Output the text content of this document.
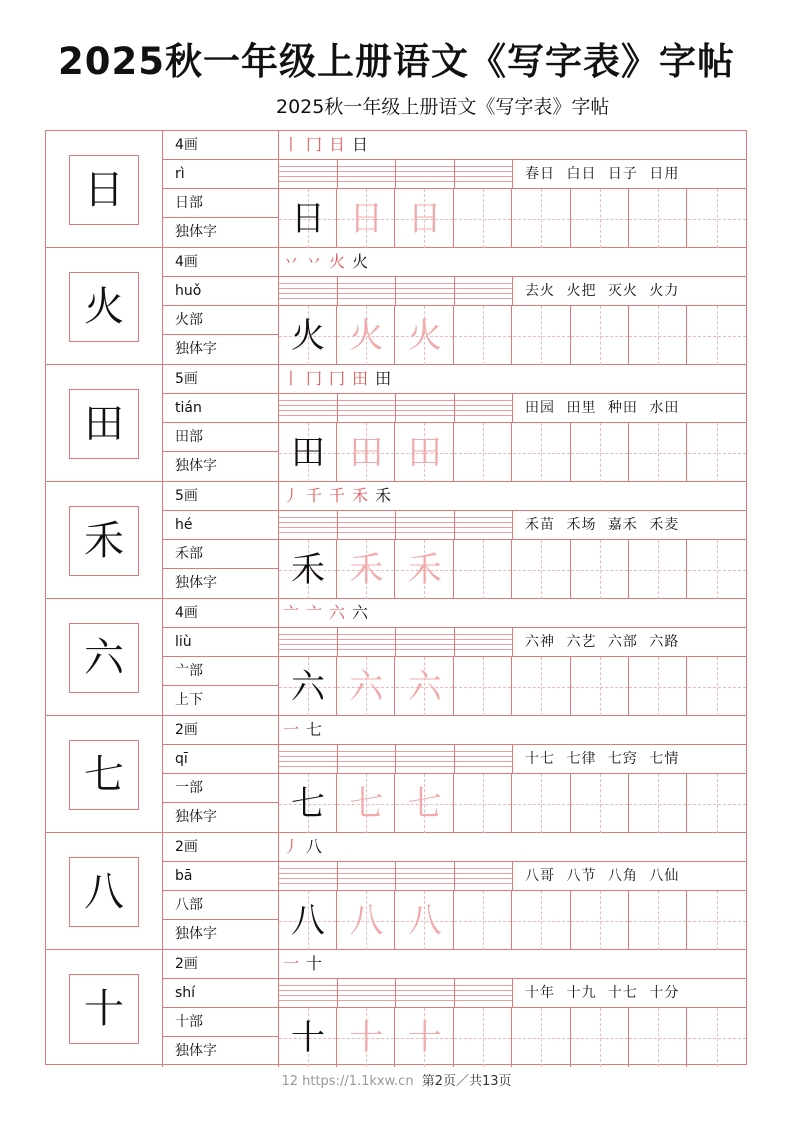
2025秋一年级上册语文《写字表》字帖
2025秋一年级上册语文《写字表》字帖
日
4画
rì
日部
独体字
丨 冂 日 日
春日 白日 日子 日用
日 日 日
火
4画
huǒ
火部
独体字
丷 丷 火 火
去火 火把 灭火 火力
火 火 火
田
5画
tián
田部
独体字
丨 冂 冂 田 田
田园 田里 种田 水田
田 田 田
禾
5画
hé
禾部
独体字
丿 千 千 禾 禾
禾苗 禾场 嘉禾 禾麦
禾 禾 禾
六
4画
liù
亠部
上下
亠 亠 六 六
六神 六艺 六部 六路
六 六 六
七
2画
qī
一部
独体字
一 七
十七 七律 七窍 七情
七 七 七
八
2画
bā
八部
独体字
丿 八
八哥 八节 八角 八仙
八 八 八
十
2画
shí
十部
独体字
一 十
十年 十九 十七 十分
十 十 十
12 https://1.1kxw.cn 第2页／共13页
